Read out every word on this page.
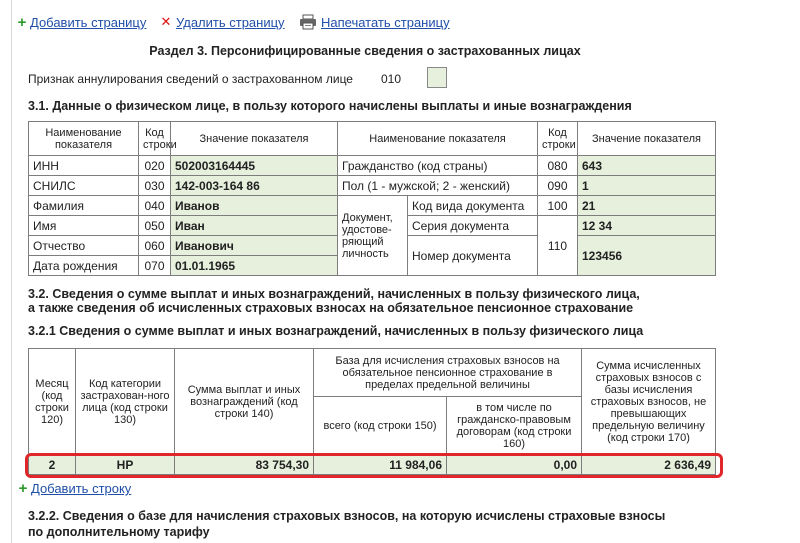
+ Добавить страницу ✕ Удалить страницу	Напечатать страницу
Раздел 3. Персонифицированные сведения о застрахованных лицах
Признак аннулирования сведений о застрахованном лице 010
3.1. Данные о физическом лице, в пользу которого начислены выплаты и иные вознаграждения
Наименование показателя	Код строки	Значение показателя	Наименование показателя		Код строки	Значение показателя
ИНН	020	502003164445	Гражданство (код страны)		080	643
СНИЛС	030	142-003-164 86	Пол (1 - мужской; 2 - женский)		090	1
Фамилия	040	Иванов	Документ, удостове-ряющий личность	Код вида документа	100	21
Имя	050	Иван		Серия документа	110	12 34
Отчество	060	Иванович		Номер документа		123456
Дата рождения	070	01.01.1965				
3.2. Сведения о сумме выплат и иных вознаграждений, начисленных в пользу физического лица,
а также сведения об исчисленных страховых взносах на обязательное пенсионное страхование
3.2.1 Сведения о сумме выплат и иных вознаграждений, начисленных в пользу физического лица
Месяц (код строки 120)	Код категории застрахован-ного лица (код строки 130)	Сумма выплат и иных вознаграждений (код строки 140)	База для исчисления страховых взносов на обязательное пенсионное страхование в пределах предельной величины		Сумма исчисленных страховых взносов с базы исчисления страховых взносов, не превышающих предельную величину (код строки 170)
			всего (код строки 150)	в том числе по гражданско-правовым договорам (код строки 160)	
2	НР	83 754,30	11 984,06	0,00	2 636,49
+ Добавить строку
3.2.2. Сведения о базе для начисления страховых взносов, на которую исчислены страховые взносы
по дополнительному тарифу
